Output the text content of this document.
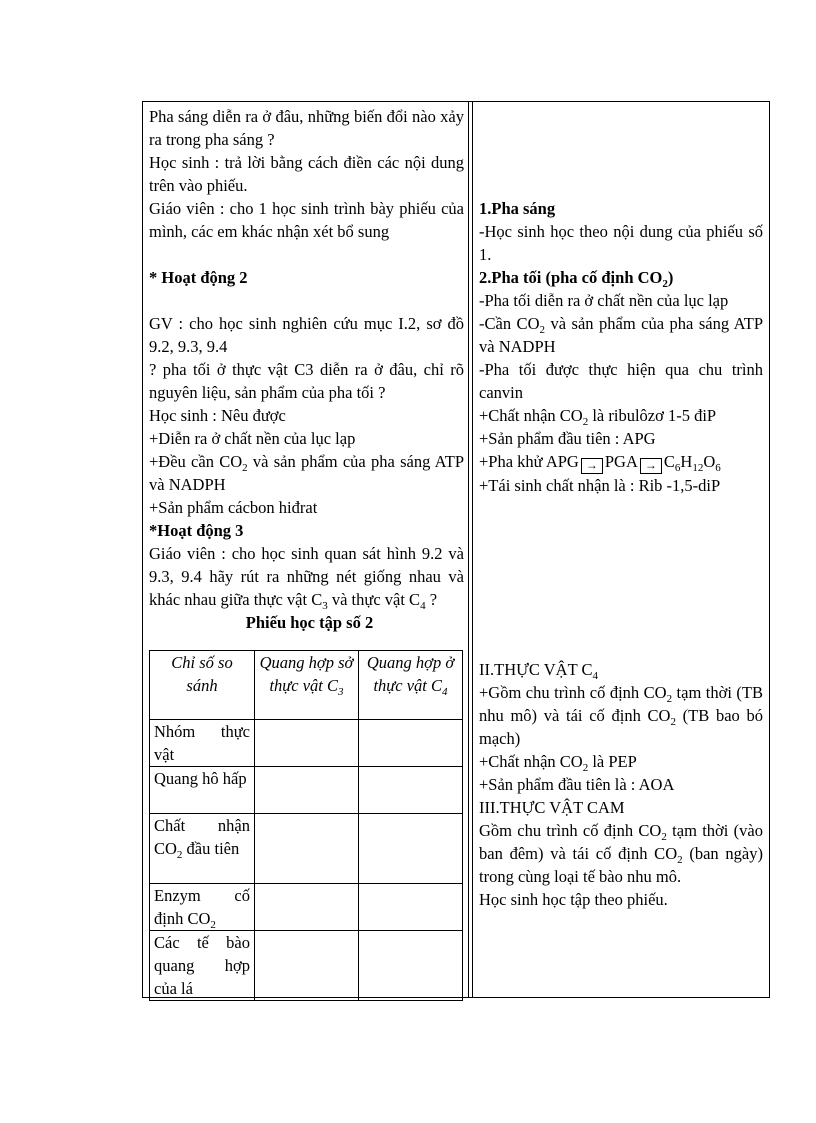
Pha sáng diễn ra ở đâu, những biến đổi nào xảy ra trong pha sáng ?

Học sinh : trả lời bằng cách điền các nội dung trên vào phiếu.

Giáo viên : cho 1 học sinh trình bày phiếu của mình, các em khác nhận xét bổ sung

* Hoạt động 2

GV : cho học sinh nghiên cứu mục I.2, sơ đồ 9.2, 9.3, 9.4

? pha tối ở thực vật C3 diễn ra ở đâu, chỉ rõ nguyên liệu, sản phẩm của pha tối ?

Học sinh : Nêu được

+Diễn ra ở chất nền của lục lạp

+Đều cần $CO_2$ và sản phẩm của pha sáng ATP và NADPH

+Sản phẩm cácbon hiđrat

*Hoạt động 3

Giáo viên : cho học sinh quan sát hình 9.2 và 9.3, 9.4 hãy rút ra những nét giống nhau và khác nhau giữa thực vật $C_3$ và thực vật $C_4$ ?

Phiếu học tập số 2

Chỉ số so sánh	Quang hợp sở thực vật $C_3$	Quang hợp ở thực vật $C_4$
Nhóm thực vật		
Quang hô hấp		
Chất nhận $CO_2$ đầu tiên		
Enzym cố định $CO_2$		
Các tế bào quang hợp của lá		

1.Pha sáng

-Học sinh học theo nội dung của phiếu số 1.

2.Pha tối (pha cố định $CO_2$)

-Pha tối diễn ra ở chất nền của lục lạp

-Cần $CO_2$ và sản phẩm của pha sáng ATP và NADPH

-Pha tối được thực hiện qua chu trình canvin

+Chất nhận $CO_2$ là ribulôzơ 1-5 điP

+Sản phẩm đầu tiên : APG

+Pha khử APG → PGA → $C_6H_{12}O_6$

+Tái sinh chất nhận là : Rib -1,5-diP

II.THỰC VẬT $C_4$

+Gồm chu trình cố định $CO_2$ tạm thời (TB nhu mô) và tái cố định $CO_2$ (TB bao bó mạch)

+Chất nhận $CO_2$ là PEP

+Sản phẩm đầu tiên là : AOA

III.THỰC VẬT CAM

Gồm chu trình cố định $CO_2$ tạm thời (vào ban đêm) và tái cố định $CO_2$ (ban ngày) trong cùng loại tế bào nhu mô.

Học sinh học tập theo phiếu.
